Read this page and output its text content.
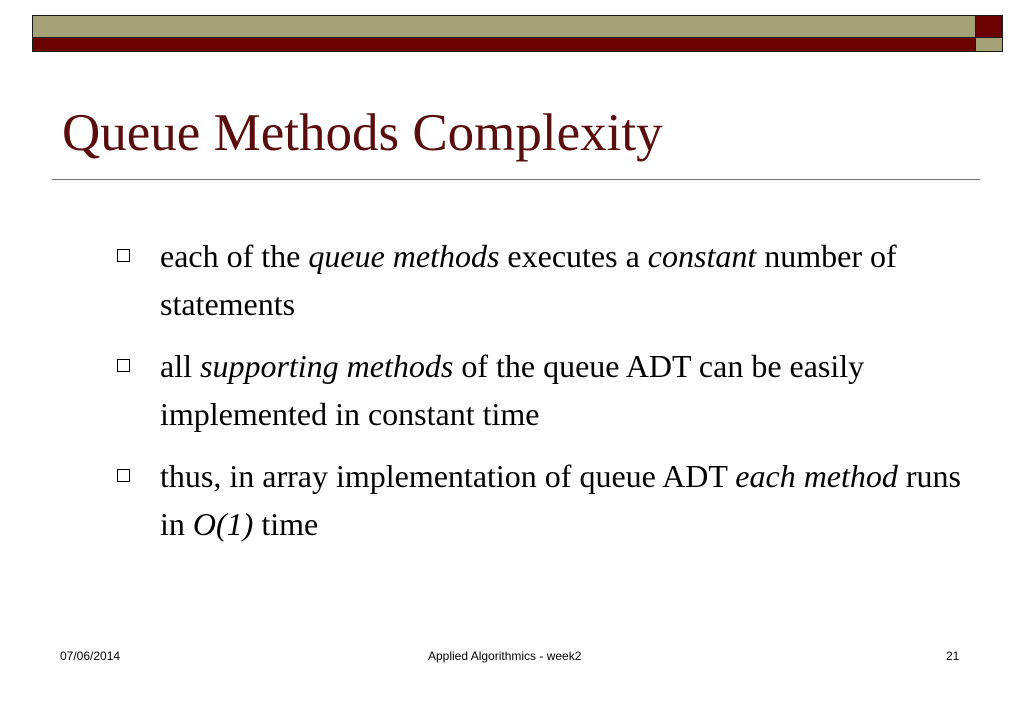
Queue Methods Complexity
each of the queue methods executes a constant number of statements
all supporting methods of the queue ADT can be easily implemented in constant time
thus, in array implementation of queue ADT each method runs in O(1) time
07/06/2014	Applied Algorithmics - week2	21
